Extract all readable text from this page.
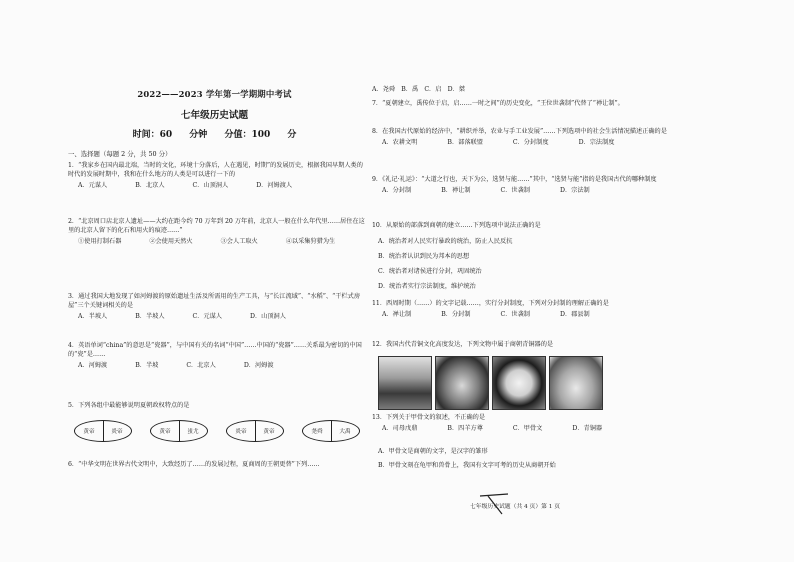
2022——2023 学年第一学期期中考试
七年级历史试题
时间：60 分钟 分值：100 分
一、选择题（每题 2 分，共 50 分）
1．“我家乡在国内最北端，当时的文化，环境十分落后，人在遇见，时期”的发展历史，根据我国早期人类的时代的发展时期中，我和在什么地方的人类是可以进行一下的
A．元谋人	B．北京人	C．山顶洞人	D．河姆渡人
2．“北京周口店北京人遗址——大约在距今约 70 万年到 20 万年前，北京人一般在什么年代里……居住在这里的北京人留下的化石和用火的痕迹……”
①使用打制石器	②会使用天然火	③会人工取火	④以采集狩猎为生
3．通过我国大地发现了如河姆渡的原始遗址生活及所需用的生产工具，与“长江流域”、“水稻”、“干栏式房屋”三个关键词相关的是
A．半坡人	B．半坡人	C．元谋人	D．山顶洞人
4．英语单词“china”的意思是“瓷器”，与中国有关的名词“中国”……中国的“瓷器”……关系最为密切的中国的“瓷”是……
A．河姆渡	B．半坡	C．北京人	D．河姆渡
5．下列各组中最能够说明夏朝政权特点的是
黄帝	炎帝	黄帝	蚩尤	炎帝	黄帝	尧舜	大禹
6．“中华文明在世界古代文明中，大致经历了……的发展过程，夏商周的王朝更替”下列……
A．尧舜　B．禹　C．启　D．桀
7．“夏朝建立，禹传位于启，启……一时之间”的历史变化，“王位世袭制”代替了“禅让制”。
8．在我国古代原始的经济中，“耕织并举，农业与手工业发展”……下列选项中的社会生活情况描述正确的是
A．农耕文明	B．部落联盟	C．分封制度	D．宗法制度
9．《礼记·礼运》：“大道之行也，天下为公，选贤与能……”其中，“选贤与能”指的是我国古代的哪种制度
A．分封制	B．禅让制	C．世袭制	D．宗法制
10．从原始的部落到商朝的建立……下列选项中说法正确的是
A．统治者对人民实行暴政的统治，防止人民反抗
B．统治者认识到民为邦本的思想
C．统治者对诸侯进行分封，巩固统治
D．统治者实行宗法制度，维护统治
11．西周时期（……）的文字记载……，实行分封制度，下列对分封制的理解正确的是
A．禅让制	B．分封制	C．世袭制	D．郡县制
12．我国古代青铜文化高度发达，下列文物中属于商朝青铜器的是
13．下列关于甲骨文的叙述，不正确的是
A．司母戊鼎	B．四羊方尊	C．甲骨文	D．青铜器
A．甲骨文是商朝的文字，是汉字的雏形
B．甲骨文刻在龟甲和兽骨上，我国有文字可考的历史从商朝开始
七年级历史试题（共 4 页）第 1 页
